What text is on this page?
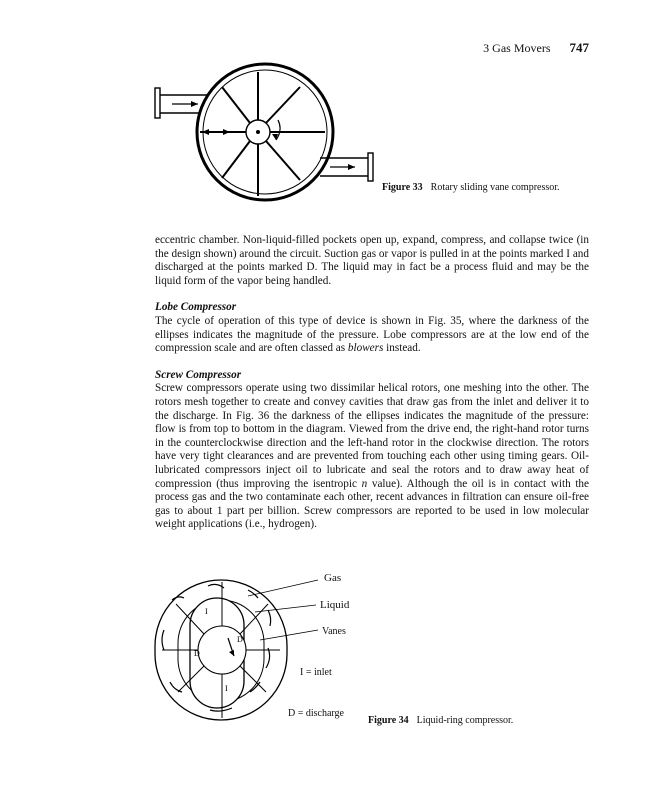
3 Gas Movers 747
Figure 33 Rotary sliding vane compressor.

eccentric chamber. Non-liquid-filled pockets open up, expand, compress, and collapse twice (in the design shown) around the circuit. Suction gas or vapor is pulled in at the points marked I and discharged at the points marked D. The liquid may in fact be a process fluid and may be the liquid form of the vapor being handled.

Lobe Compressor

The cycle of operation of this type of device is shown in Fig. 35, where the darkness of the ellipses indicates the magnitude of the pressure. Lobe compressors are at the low end of the compression scale and are often classed as blowers instead.

Screw Compressor

Screw compressors operate using two dissimilar helical rotors, one meshing into the other. The rotors mesh together to create and convey cavities that draw gas from the inlet and deliver it to the discharge. In Fig. 36 the darkness of the ellipses indicates the magnitude of the pressure: flow is from top to bottom in the diagram. Viewed from the drive end, the right-hand rotor turns in the counterclockwise direction and the left-hand rotor in the clockwise direction. The rotors have very tight clearances and are prevented from touching each other using timing gears. Oil-lubricated compressors inject oil to lubricate and seal the rotors and to draw away heat of compression (thus improving the isentropic n value). Although the oil is in contact with the process gas and the two contaminate each other, recent advances in filtration can ensure oil-free gas to about 1 part per billion. Screw compressors are reported to be used in low molecular weight applications (i.e., hydrogen).

I
D
D
I
Gas
Liquid
Vanes
I = inlet
D = discharge
Figure 34 Liquid-ring compressor.
